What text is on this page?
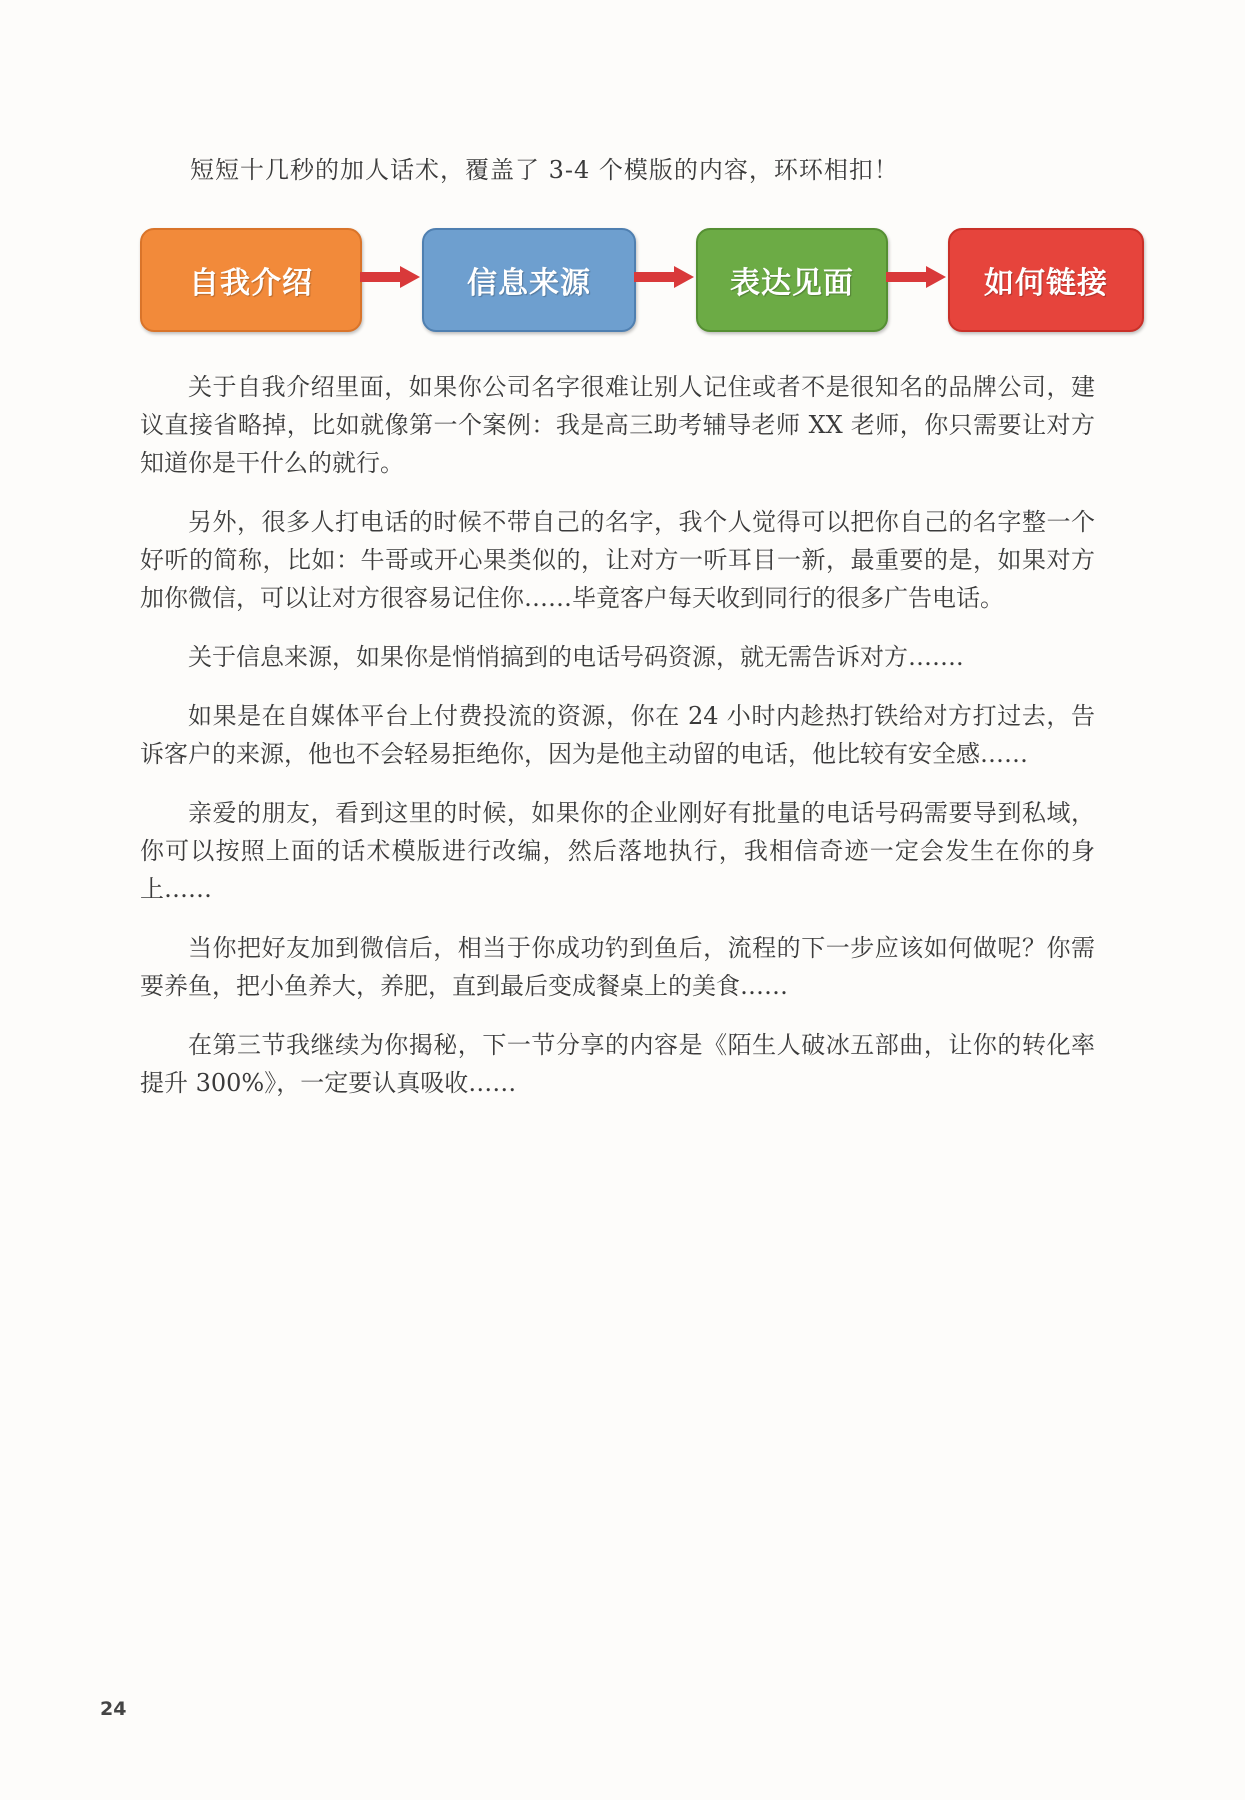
短短十几秒的加人话术，覆盖了 3-4 个模版的内容，环环相扣！
自我介绍	信息来源	表达见面	如何链接

关于自我介绍里面，如果你公司名字很难让别人记住或者不是很知名的品牌公司，建议直接省略掉，比如就像第一个案例：我是高三助考辅导老师 XX 老师，你只需要让对方知道你是干什么的就行。

另外，很多人打电话的时候不带自己的名字，我个人觉得可以把你自己的名字整一个好听的简称，比如：牛哥或开心果类似的，让对方一听耳目一新，最重要的是，如果对方加你微信，可以让对方很容易记住你……毕竟客户每天收到同行的很多广告电话。

关于信息来源，如果你是悄悄搞到的电话号码资源，就无需告诉对方…….

如果是在自媒体平台上付费投流的资源，你在 24 小时内趁热打铁给对方打过去，告诉客户的来源，他也不会轻易拒绝你，因为是他主动留的电话，他比较有安全感……

亲爱的朋友，看到这里的时候，如果你的企业刚好有批量的电话号码需要导到私域，你可以按照上面的话术模版进行改编，然后落地执行，我相信奇迹一定会发生在你的身上……

当你把好友加到微信后，相当于你成功钓到鱼后，流程的下一步应该如何做呢？你需要养鱼，把小鱼养大，养肥，直到最后变成餐桌上的美食……

在第三节我继续为你揭秘，下一节分享的内容是《陌生人破冰五部曲，让你的转化率提升 300%》，一定要认真吸收……

24
